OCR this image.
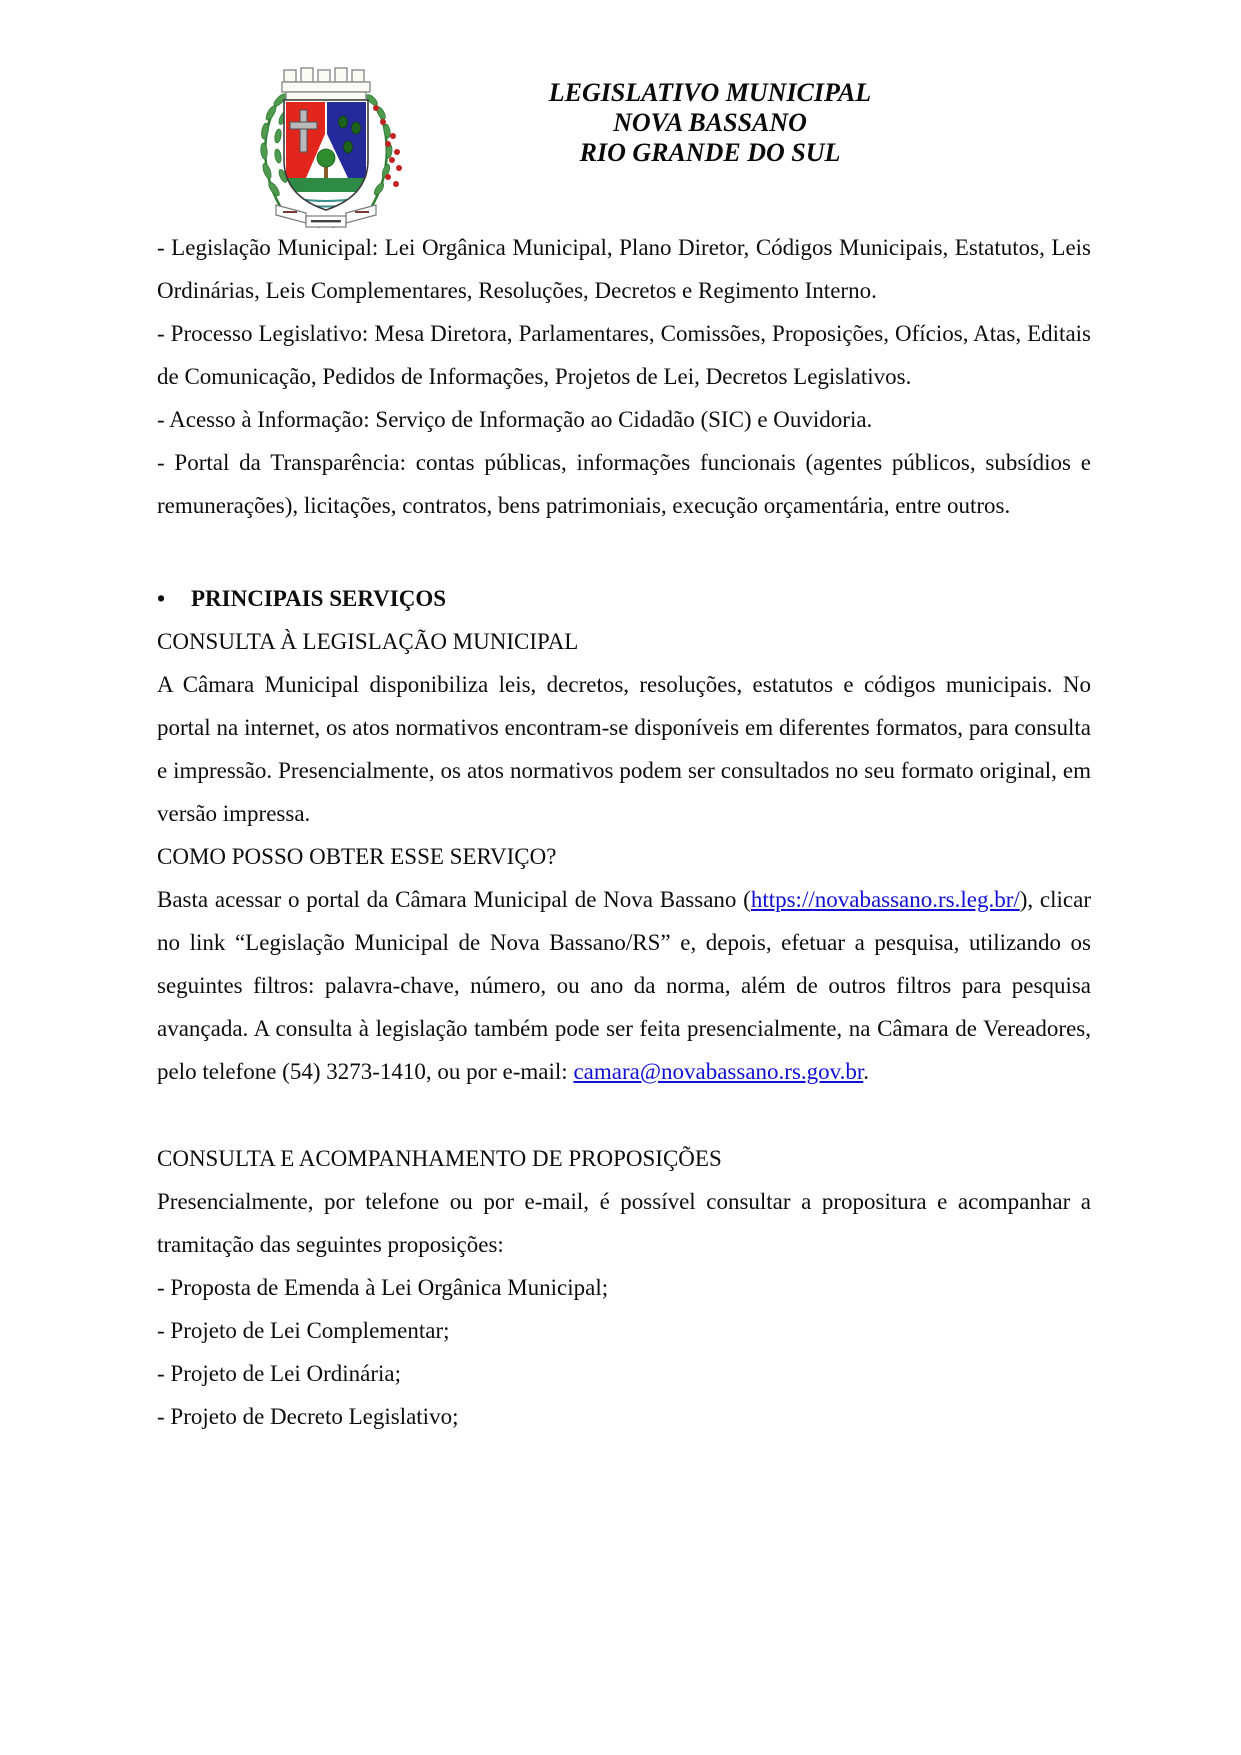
LEGISLATIVO MUNICIPAL
NOVA BASSANO
RIO GRANDE DO SUL

- Legislação Municipal: Lei Orgânica Municipal, Plano Diretor, Códigos Municipais, Estatutos, Leis Ordinárias, Leis Complementares, Resoluções, Decretos e Regimento Interno.

- Processo Legislativo: Mesa Diretora, Parlamentares, Comissões, Proposições, Ofícios, Atas, Editais de Comunicação, Pedidos de Informações, Projetos de Lei, Decretos Legislativos.

- Acesso à Informação: Serviço de Informação ao Cidadão (SIC) e Ouvidoria.

- Portal da Transparência: contas públicas, informações funcionais (agentes públicos, subsídios e remunerações), licitações, contratos, bens patrimoniais, execução orçamentária, entre outros.

• PRINCIPAIS SERVIÇOS

CONSULTA À LEGISLAÇÃO MUNICIPAL

A Câmara Municipal disponibiliza leis, decretos, resoluções, estatutos e códigos municipais. No portal na internet, os atos normativos encontram-se disponíveis em diferentes formatos, para consulta e impressão. Presencialmente, os atos normativos podem ser consultados no seu formato original, em versão impressa.

COMO POSSO OBTER ESSE SERVIÇO?

Basta acessar o portal da Câmara Municipal de Nova Bassano (https://novabassano.rs.leg.br/), clicar no link “Legislação Municipal de Nova Bassano/RS” e, depois, efetuar a pesquisa, utilizando os seguintes filtros: palavra-chave, número, ou ano da norma, além de outros filtros para pesquisa avançada. A consulta à legislação também pode ser feita presencialmente, na Câmara de Vereadores, pelo telefone (54) 3273-1410, ou por e-mail: camara@novabassano.rs.gov.br.

CONSULTA E ACOMPANHAMENTO DE PROPOSIÇÕES

Presencialmente, por telefone ou por e-mail, é possível consultar a propositura e acompanhar a tramitação das seguintes proposições:

- Proposta de Emenda à Lei Orgânica Municipal;

- Projeto de Lei Complementar;

- Projeto de Lei Ordinária;

- Projeto de Decreto Legislativo;
